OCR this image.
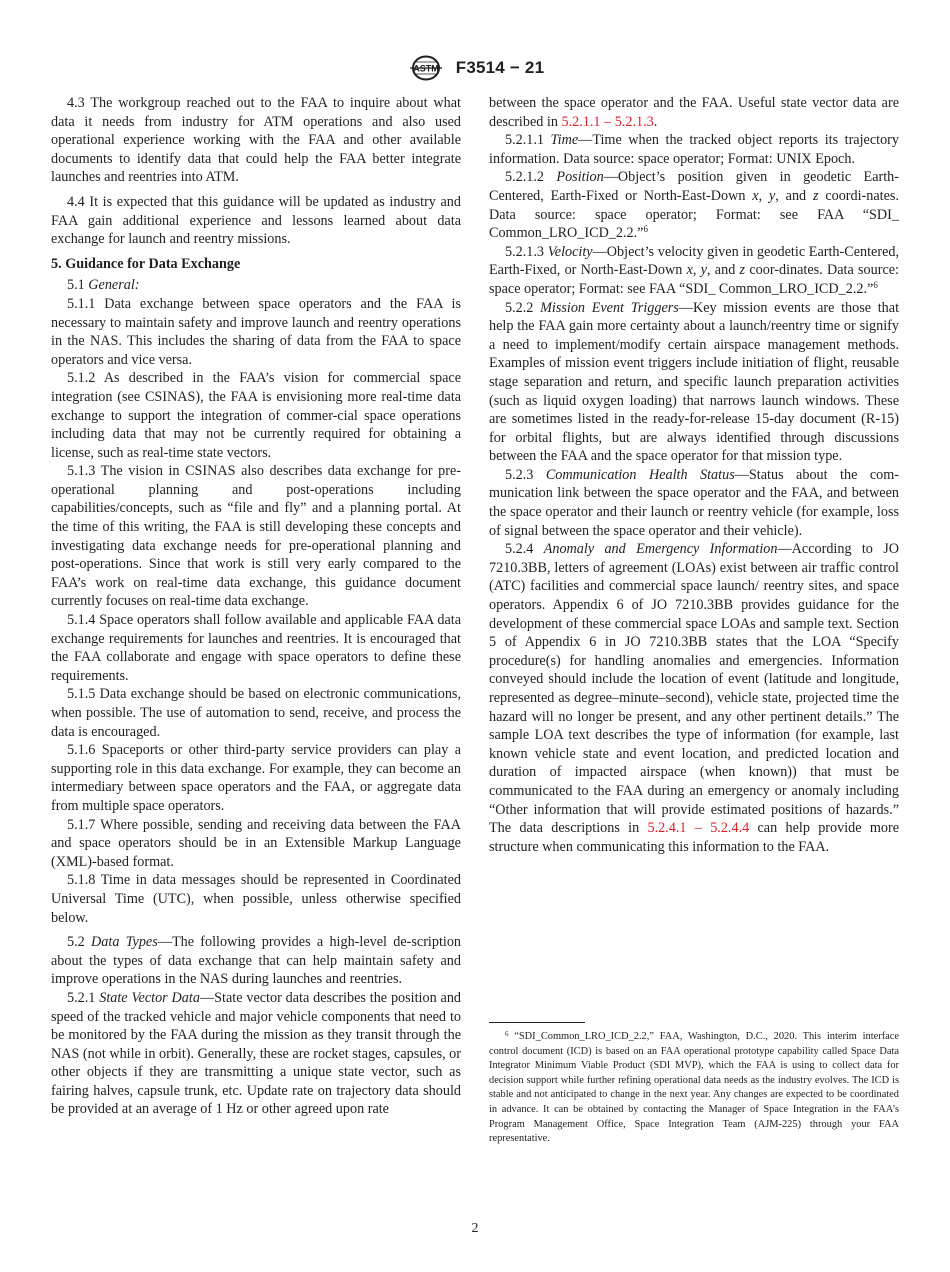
ASTM F3514 − 21

4.3 The workgroup reached out to the FAA to inquire about what data it needs from industry for ATM operations and also used operational experience working with the FAA and other available documents to identify data that could help the FAA better integrate launches and reentries into ATM.

4.4 It is expected that this guidance will be updated as industry and FAA gain additional experience and lessons learned about data exchange for launch and reentry missions.

5. Guidance for Data Exchange

5.1 General:

5.1.1 Data exchange between space operators and the FAA is necessary to maintain safety and improve launch and reentry operations in the NAS. This includes the sharing of data from the FAA to space operators and vice versa.

5.1.2 As described in the FAA’s vision for commercial space integration (see CSINAS), the FAA is envisioning more real-time data exchange to support the integration of commer-cial space operations including data that may not be currently required for obtaining a license, such as real-time state vectors.

5.1.3 The vision in CSINAS also describes data exchange for pre-operational planning and post-operations including capabilities/concepts, such as “file and fly” and a planning portal. At the time of this writing, the FAA is still developing these concepts and investigating data exchange needs for pre-operational planning and post-operations. Since that work is still very early compared to the FAA’s work on real-time data exchange, this guidance document currently focuses on real-time data exchange.

5.1.4 Space operators shall follow available and applicable FAA data exchange requirements for launches and reentries. It is encouraged that the FAA collaborate and engage with space operators to define these requirements.

5.1.5 Data exchange should be based on electronic communications, when possible. The use of automation to send, receive, and process the data is encouraged.

5.1.6 Spaceports or other third-party service providers can play a supporting role in this data exchange. For example, they can become an intermediary between space operators and the FAA, or aggregate data from multiple space operators.

5.1.7 Where possible, sending and receiving data between the FAA and space operators should be in an Extensible Markup Language (XML)-based format.

5.1.8 Time in data messages should be represented in Coordinated Universal Time (UTC), when possible, unless otherwise specified below.

5.2 Data Types—The following provides a high-level de-scription about the types of data exchange that can help maintain safety and improve operations in the NAS during launches and reentries.

5.2.1 State Vector Data—State vector data describes the position and speed of the tracked vehicle and major vehicle components that need to be monitored by the FAA during the mission as they transit through the NAS (not while in orbit). Generally, these are rocket stages, capsules, or other objects if they are transmitting a unique state vector, such as fairing halves, capsule trunk, etc. Update rate on trajectory data should be provided at an average of 1 Hz or other agreed upon rate

between the space operator and the FAA. Useful state vector data are described in 5.2.1.1 – 5.2.1.3.

5.2.1.1 Time—Time when the tracked object reports its trajectory information. Data source: space operator; Format: UNIX Epoch.

5.2.1.2 Position—Object’s position given in geodetic Earth-Centered, Earth-Fixed or North-East-Down x, y, and z coordi-nates. Data source: space operator; Format: see FAA “SDI_ Common_LRO_ICD_2.2.”$^6$

5.2.1.3 Velocity—Object’s velocity given in geodetic Earth-Centered, Earth-Fixed, or North-East-Down x, y, and z coor-dinates. Data source: space operator; Format: see FAA “SDI_ Common_LRO_ICD_2.2.”$^6$

5.2.2 Mission Event Triggers—Key mission events are those that help the FAA gain more certainty about a launch/reentry time or signify a need to implement/modify certain airspace management methods. Examples of mission event triggers include initiation of flight, reusable stage separation and return, and specific launch preparation activities (such as liquid oxygen loading) that narrows launch windows. These are sometimes listed in the ready-for-release 15-day document (R-15) for orbital flights, but are always identified through discussions between the FAA and the space operator for that mission type.

5.2.3 Communication Health Status—Status about the com-munication link between the space operator and the FAA, and between the space operator and their launch or reentry vehicle (for example, loss of signal between the space operator and their vehicle).

5.2.4 Anomaly and Emergency Information—According to JO 7210.3BB, letters of agreement (LOAs) exist between air traffic control (ATC) facilities and commercial space launch/ reentry sites, and space operators. Appendix 6 of JO 7210.3BB provides guidance for the development of these commercial space LOAs and sample text. Section 5 of Appendix 6 in JO 7210.3BB states that the LOA “Specify procedure(s) for handling anomalies and emergencies. Information conveyed should include the location of event (latitude and longitude, represented as degree–minute–second), vehicle state, projected time the hazard will no longer be present, and any other pertinent details.” The sample LOA text describes the type of information (for example, last known vehicle state and event location, and predicted location and duration of impacted airspace (when known)) that must be communicated to the FAA during an emergency or anomaly including “Other information that will provide estimated positions of hazards.” The data descriptions in 5.2.4.1 – 5.2.4.4 can help provide more structure when communicating this information to the FAA.

$^6$ “SDI_Common_LRO_ICD_2.2,” FAA, Washington, D.C., 2020. This interim interface control document (ICD) is based on an FAA operational prototype capability called Space Data Integrator Minimum Viable Product (SDI MVP), which the FAA is using to collect data for decision support while further refining operational data needs as the industry evolves. The ICD is stable and not anticipated to change in the next year. Any changes are expected to be coordinated in advance. It can be obtained by contacting the Manager of Space Integration in the FAA’s Program Management Office, Space Integration Team (AJM-225) through your FAA representative.

2
